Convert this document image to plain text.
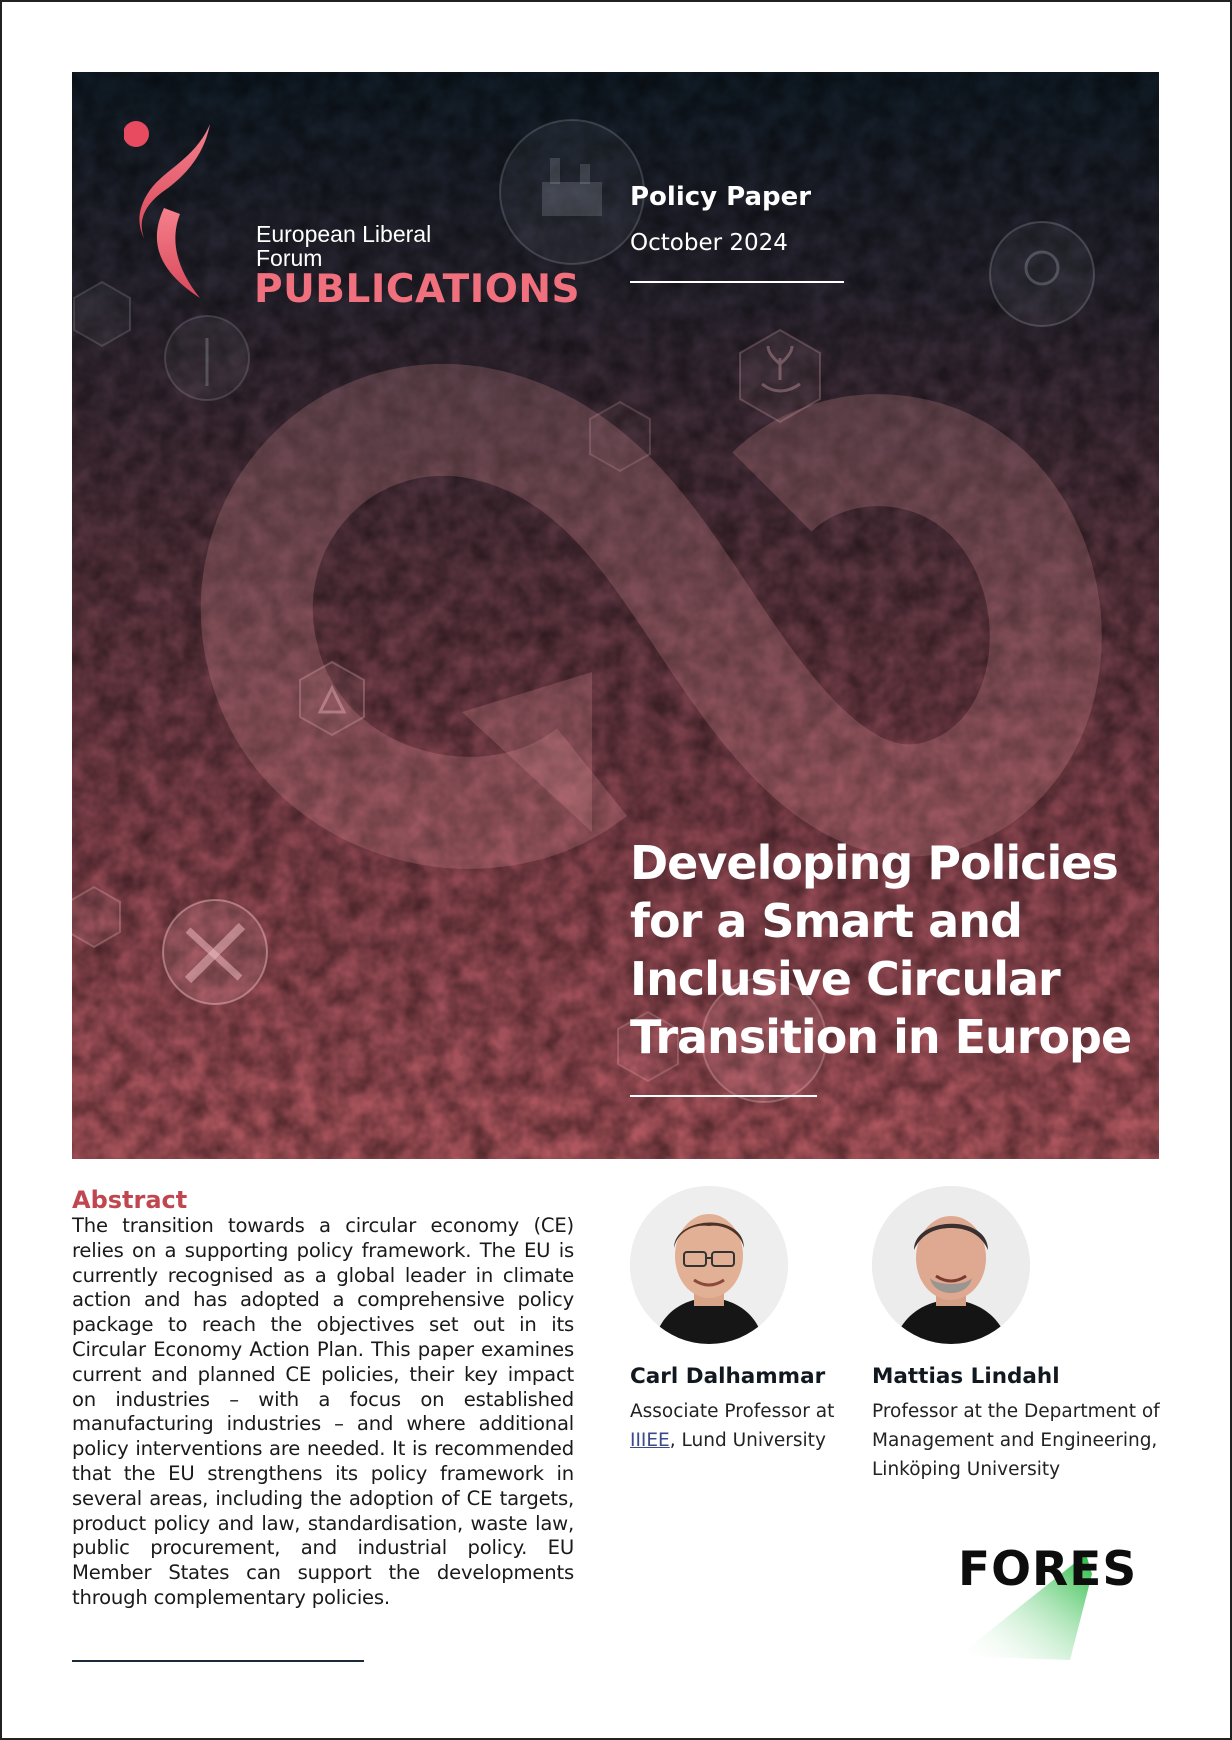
European Liberal
Forum
PUBLICATIONS
Policy Paper
October 2024
Developing Policies
for a Smart and
Inclusive Circular
Transition in Europe
Abstract

The transition towards a circular economy (CE) relies on a supporting policy framework. The EU is currently recognised as a global leader in climate action and has adopted a comprehensive policy package to reach the objectives set out in its Circular Economy Action Plan. This paper examines current and planned CE policies, their key impact on industries – with a focus on established manufacturing industries – and where additional policy interventions are needed. It is recommended that the EU strengthens its policy framework in several areas, including the adoption of CE targets, product policy and law, standardisation, waste law, public procurement, and industrial policy. EU Member States can support the developments through complementary policies.

Carl Dalhammar
Associate Professor at IIIEE, Lund University
Mattias Lindahl
Professor at the Department of Management and Engineering, Linköping University
FORES
